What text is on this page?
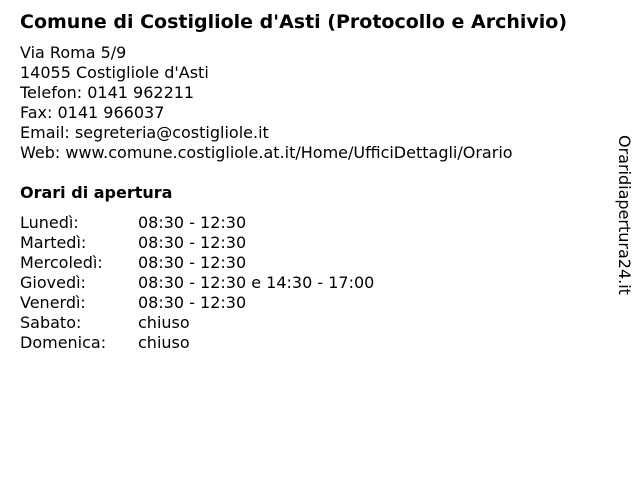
Comune di Costigliole d'Asti (Protocollo e Archivio)
Via Roma 5/9
14055 Costigliole d'Asti
Telefon: 0141 962211
Fax: 0141 966037
Email: segreteria@costigliole.it
Web: www.comune.costigliole.at.it/Home/UfficiDettagli/Orario
Orari di apertura
Lunedì:	08:30 - 12:30
Martedì:	08:30 - 12:30
Mercoledì: 08:30 - 12:30
Giovedì:	08:30 - 12:30 e 14:30 - 17:00
Venerdì:	08:30 - 12:30
Sabato:	chiuso
Domenica: chiuso
Oraridiapertura24.it
